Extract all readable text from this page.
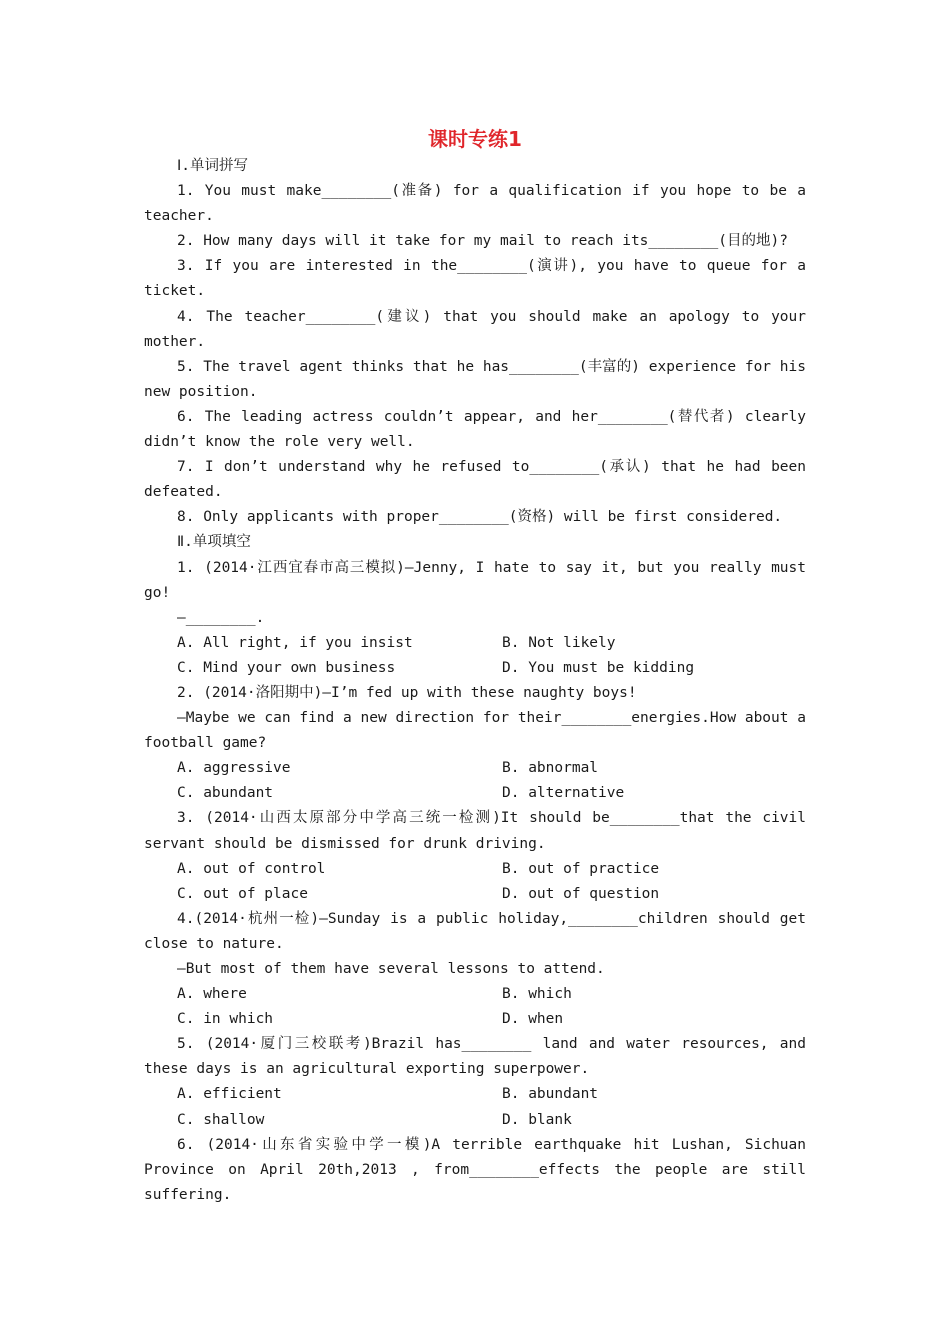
课时专练1
Ⅰ.单词拼写
1. You must make________(准备) for a qualification if you hope to be a
teacher.
2. How many days will it take for my mail to reach its________(目的地)?
3. If you are interested in the________(演讲), you have to queue for a
ticket.
4. The teacher________(建议) that you should make an apology to your
mother.
5. The travel agent thinks that he has________(丰富的) experience for his
new position.
6. The leading actress couldn’t appear, and her________(替代者) clearly
didn’t know the role very well.
7. I don’t understand why he refused to________(承认) that he had been
defeated.
8. Only applicants with proper________(资格) will be first considered.
Ⅱ.单项填空
1. (2014·江西宜春市高三模拟)—Jenny, I hate to say it, but you really must
go!
—________.
A. All right, if you insist	B. Not likely
C. Mind your own business	D. You must be kidding
2. (2014·洛阳期中)—I’m fed up with these naughty boys!
—Maybe we can find a new direction for their________energies.How about a
football game?
A. aggressive	B. abnormal
C. abundant	D. alternative
3. (2014·山西太原部分中学高三统一检测)It should be________that the civil
servant should be dismissed for drunk driving.
A. out of control	B. out of practice
C. out of place	D. out of question
4.(2014·杭州一检)—Sunday is a public holiday,________children should get
close to nature.
—But most of them have several lessons to attend.
A. where	B. which
C. in which	D. when
5. (2014·厦门三校联考)Brazil has________ land and water resources, and
these days is an agricultural exporting superpower.
A. efficient	B. abundant
C. shallow	D. blank
6. (2014·山东省实验中学一模)A terrible earthquake hit Lushan, Sichuan
Province on April 20th,2013 , from________effects the people are still
suffering.
